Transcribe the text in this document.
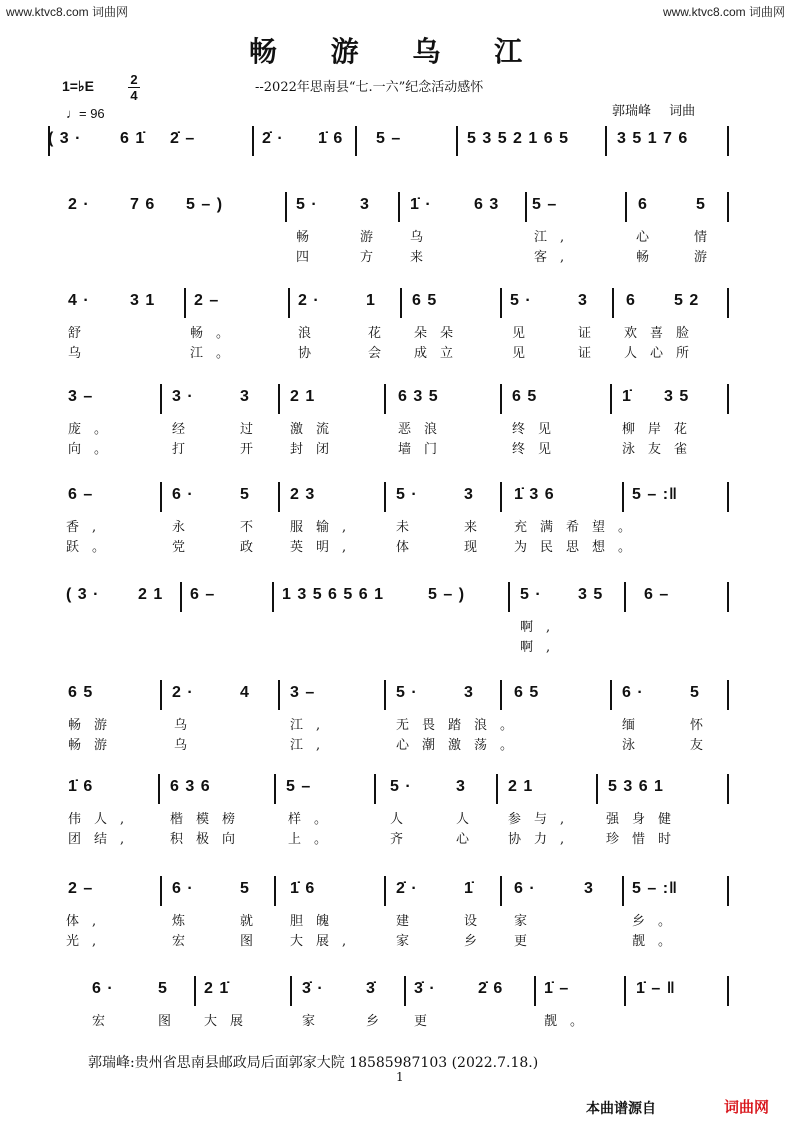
www.ktvc8.com 词曲网	www.ktvc8.com 词曲网
畅 游 乌 江
--2022年思南县“七.一六”纪念活动感怀
1=♭E	2
4
♩= 96	郭瑞峰 词曲
( 3 · 6 1̇ 2̇ –	2̇ · 1̇ 6 5 –	5 3 5 2 1 6 5	3 5 1 7 6
2 ·	7 6 5 – )	5 ·	3	1̇ ·	6 3 5 –	6	5
畅	游 乌	江,	心 情
四	方 来	客,	畅 游
4 ·	3 1 2 –	2 ·	1 6 5	5 ·	3 6 5 2
舒	畅。	浪	花 朵朵	见	证 欢喜脸
乌	江。	协	会 成立	见	证 人心所
3 –	3 ·	3	2 1	6 3 5	6 5	1̇ 3 5
庞。	经	过 激流	恶浪	终见	柳岸花
向。	打	开 封闭	墙门	终见	泳友雀
6 –	6 ·	5	2 3	5 ·	3	1̇ 3 6	5 – :‖
香,	永	不 服输,	未	来 充满希望。
跃。	党	政 英明,	体	现 为民思想。
( 3 · 2 1 6 –	1 3 5 6 5 6 1	5 – )	5 · 3 5	6 –
啊,
啊,
6 5	2 ·	4	3 –	5 ·	3	6 5	6 ·	5
畅游	乌	江,	无畏踏浪。	缅	怀
畅游	乌	江,	心潮激荡。	泳	友
1̇ 6	6 3 6	5 –	5 ·	3	2 1	5 3 6 1
伟人,	楷模榜	样。	人	人 参与, 强身健
团结,	积极向	上。	齐	心 协力, 珍惜时
2 –	6 ·	5	1̇ 6	2̇ ·	1̇	6 ·	3 5 – :‖
体,	炼	就 胆魄	建	设 家	乡。
光,	宏	图 大展,	家	乡 更	靓。
6 ·	5 2 1̇	3̇ ·	3̇ 3̇ ·	2̇ 6	1̇ –	1̇ – ‖
宏	图 大展	家	乡 更	靓。
郭瑞峰:贵州省思南县邮政局后面郭家大院 18585987103 (2022.7.18.)
1
本曲谱源自	词曲网
